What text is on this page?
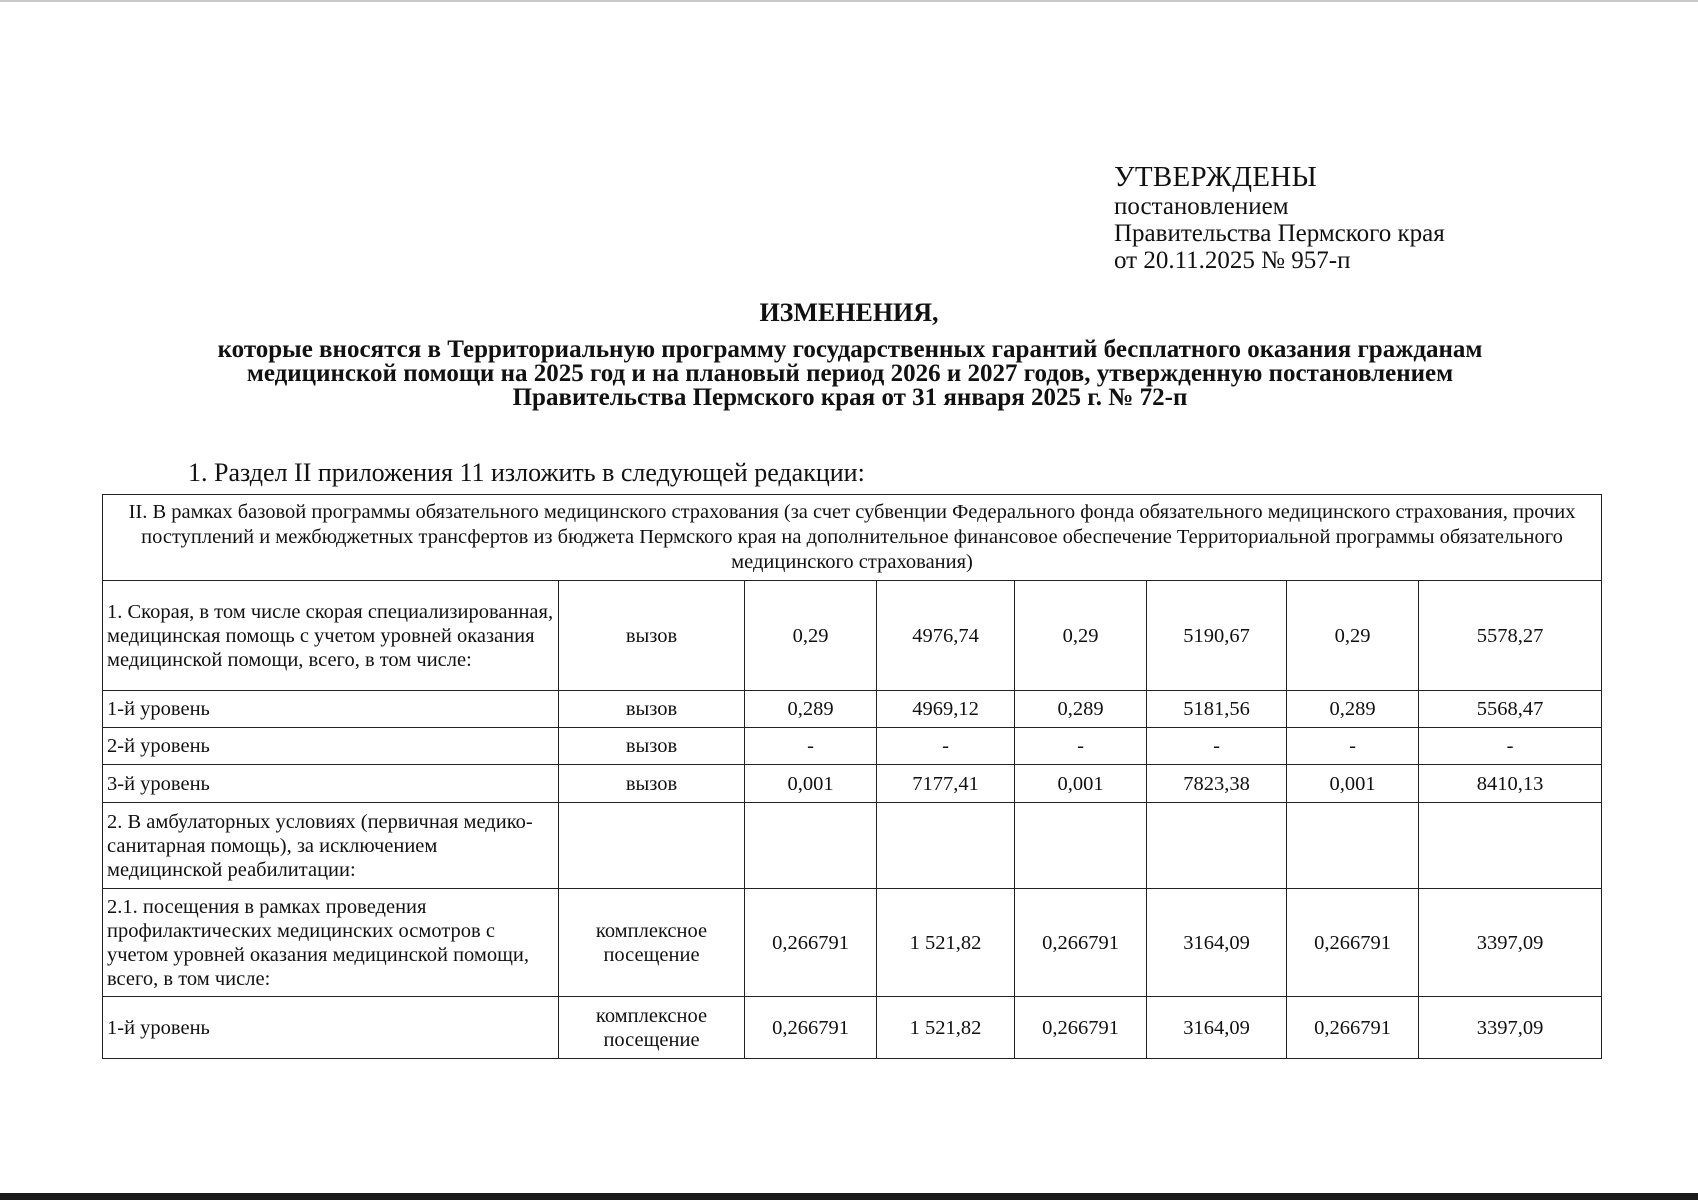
УТВЕРЖДЕНЫ
постановлением
Правительства Пермского края
от 20.11.2025 № 957-п
ИЗМЕНЕНИЯ,
которые вносятся в Территориальную программу государственных гарантий бесплатного оказания гражданам
медицинской помощи на 2025 год и на плановый период 2026 и 2027 годов, утвержденную постановлением
Правительства Пермского края от 31 января 2025 г. № 72-п
1. Раздел II приложения 11 изложить в следующей редакции:
II. В рамках базовой программы обязательного медицинского страхования (за счет субвенции Федерального фонда обязательного медицинского страхования, прочих поступлений и межбюджетных трансфертов из бюджета Пермского края на дополнительное финансовое обеспечение Территориальной программы обязательного медицинского страхования)							
1. Скорая, в том числе скорая специализированная, медицинская помощь с учетом уровней оказания медицинской помощи, всего, в том числе:	вызов	0,29	4976,74	0,29	5190,67	0,29	5578,27
1-й уровень	вызов	0,289	4969,12	0,289	5181,56	0,289	5568,47
2-й уровень	вызов	-	-	-	-	-	-
3-й уровень	вызов	0,001	7177,41	0,001	7823,38	0,001	8410,13
2. В амбулаторных условиях (первичная медико-санитарная помощь), за исключением медицинской реабилитации:							
2.1. посещения в рамках проведения профилактических медицинских осмотров с учетом уровней оказания медицинской помощи, всего, в том числе:	комплексное посещение	0,266791	1 521,82	0,266791	3164,09	0,266791	3397,09
1-й уровень	комплексное посещение	0,266791	1 521,82	0,266791	3164,09	0,266791	3397,09
